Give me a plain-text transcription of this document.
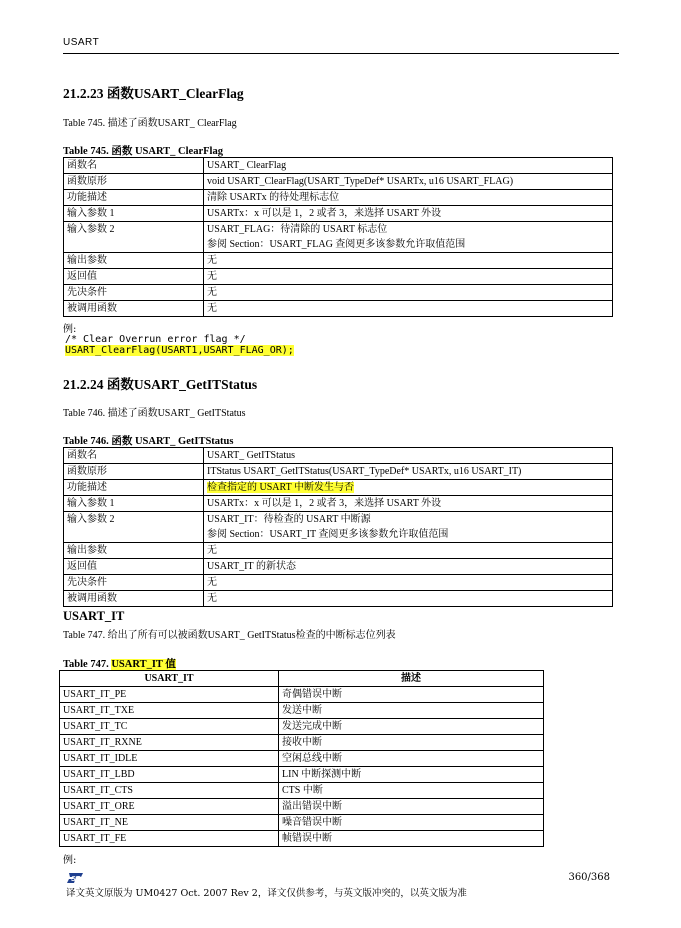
USART
21.2.23 函数USART_ClearFlag
Table 745. 描述了函数USART_ ClearFlag
Table 745. 函数 USART_ ClearFlag
函数名	USART_ ClearFlag
函数原形	void USART_ClearFlag(USART_TypeDef* USARTx, u16 USART_FLAG)
功能描述	清除 USARTx 的待处理标志位
输入参数 1	USARTx：x 可以是 1，2 或者 3，来选择 USART 外设
输入参数 2	USART_FLAG：待清除的 USART 标志位
参阅 Section：USART_FLAG 查阅更多该参数允许取值范围

输出参数	无
返回值	无
先决条件	无
被调用函数	无
例:
/* Clear Overrun error flag */
USART_ClearFlag(USART1,USART_FLAG_OR);
21.2.24 函数USART_GetITStatus
Table 746. 描述了函数USART_ GetITStatus
Table 746. 函数 USART_ GetITStatus
函数名	USART_ GetITStatus
函数原形	ITStatus USART_GetITStatus(USART_TypeDef* USARTx, u16 USART_IT)
功能描述	检查指定的 USART 中断发生与否
输入参数 1	USARTx：x 可以是 1，2 或者 3，来选择 USART 外设
输入参数 2	USART_IT：待检查的 USART 中断源
参阅 Section：USART_IT 查阅更多该参数允许取值范围

输出参数	无
返回值	USART_IT 的新状态
先决条件	无
被调用函数	无
USART_IT
Table 747. 给出了所有可以被函数USART_ GetITStatus检查的中断标志位列表
Table 747. USART_IT 值
USART_IT	描述
USART_IT_PE	奇偶错误中断
USART_IT_TXE	发送中断
USART_IT_TC	发送完成中断
USART_IT_RXNE	接收中断
USART_IT_IDLE	空闲总线中断
USART_IT_LBD	LIN 中断探测中断
USART_IT_CTS	CTS 中断
USART_IT_ORE	溢出错误中断
USART_IT_NE	噪音错误中断
USART_IT_FE	帧错误中断
例:
ST	360/368
译文英文原版为 UM0427 Oct. 2007 Rev 2，译文仅供参考，与英文版冲突的，以英文版为准
